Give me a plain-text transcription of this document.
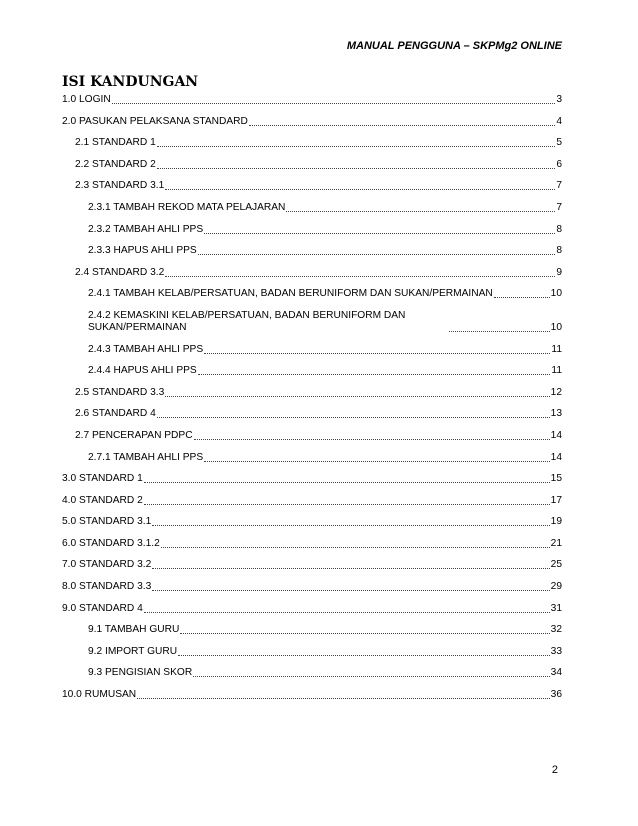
MANUAL PENGGUNA – SKPMg2 ONLINE
ISI KANDUNGAN
1.0 LOGIN	3
2.0 PASUKAN PELAKSANA STANDARD	4
2.1 STANDARD 1	5
2.2 STANDARD 2	6
2.3 STANDARD 3.1	7
2.3.1 TAMBAH REKOD MATA PELAJARAN	7
2.3.2 TAMBAH AHLI PPS	8
2.3.3 HAPUS AHLI PPS	8
2.4 STANDARD 3.2	9
2.4.1 TAMBAH KELAB/PERSATUAN, BADAN BERUNIFORM DAN SUKAN/PERMAINAN	10
2.4.2 KEMASKINI KELAB/PERSATUAN, BADAN BERUNIFORM DAN SUKAN/PERMAINAN	10
2.4.3 TAMBAH AHLI PPS	11
2.4.4 HAPUS AHLI PPS	11
2.5 STANDARD 3.3	12
2.6 STANDARD 4	13
2.7 PENCERAPAN PDPC	14
2.7.1 TAMBAH AHLI PPS	14
3.0 STANDARD 1	15
4.0 STANDARD 2	17
5.0 STANDARD 3.1	19
6.0 STANDARD 3.1.2	21
7.0 STANDARD 3.2	25
8.0 STANDARD 3.3	29
9.0 STANDARD 4	31
9.1 TAMBAH GURU	32
9.2 IMPORT GURU	33
9.3 PENGISIAN SKOR	34
10.0 RUMUSAN	36
2
